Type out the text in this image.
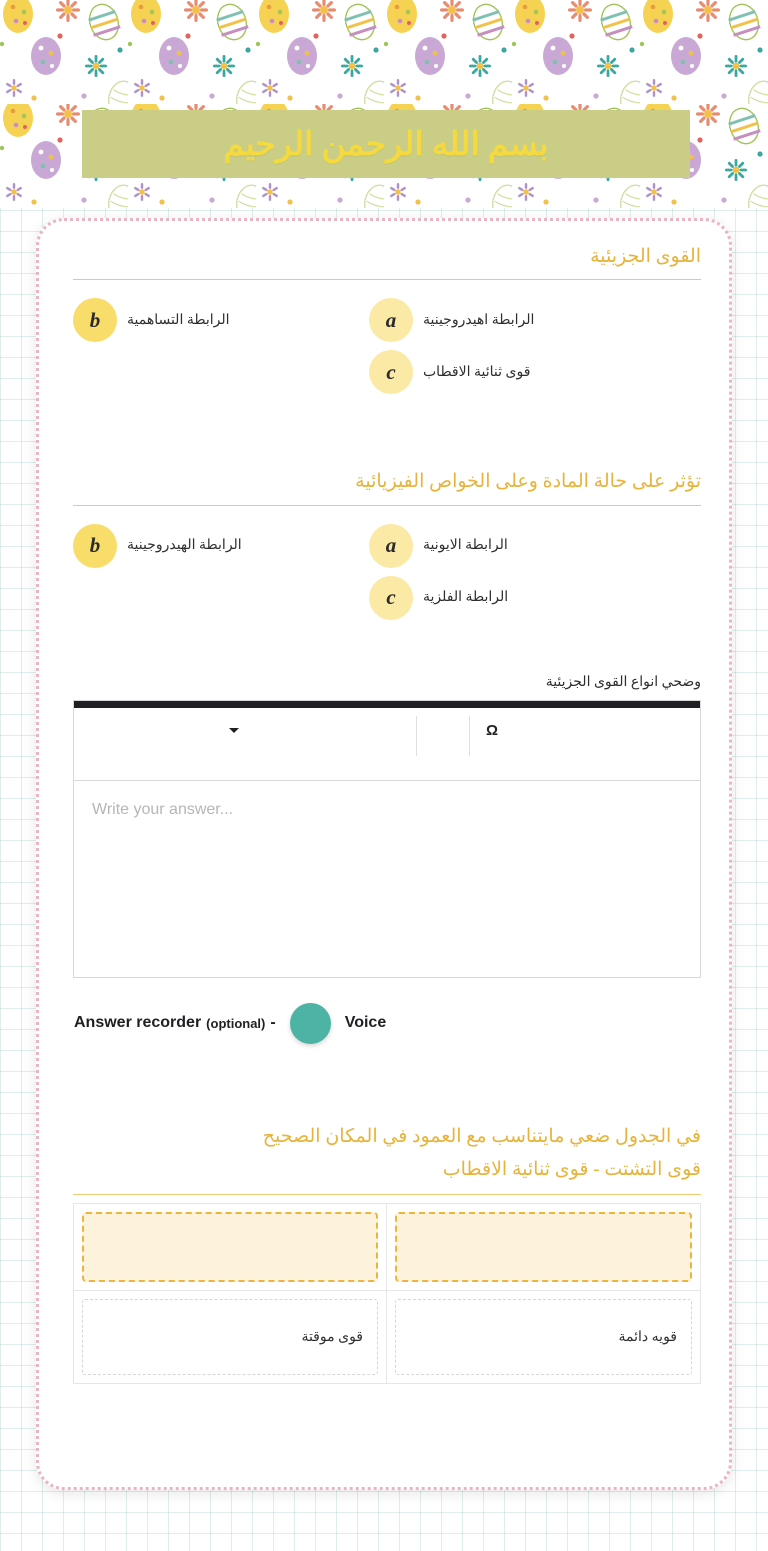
بسم الله الرحمن الرحيم
القوى الجزيئية
b	الرابطة التساهمية	a	الرابطة اهيدروجينية
c	قوى ثنائية الاقطاب
تؤثر على حالة المادة وعلى الخواص الفيزيائية
b	الرابطة الهيدروجينية	a	الرابطة الايونية
c	الرابطة الفلزية
وضحي انواع القوى الجزيئية
Ω
Write your answer...
Answer recorder (optional) -	Voice
في الجدول ضعي مايتناسب مع العمود في المكان الصحيح
قوى التشتت - قوى ثنائية الاقطاب
قوى موقتة	قويه دائمة
